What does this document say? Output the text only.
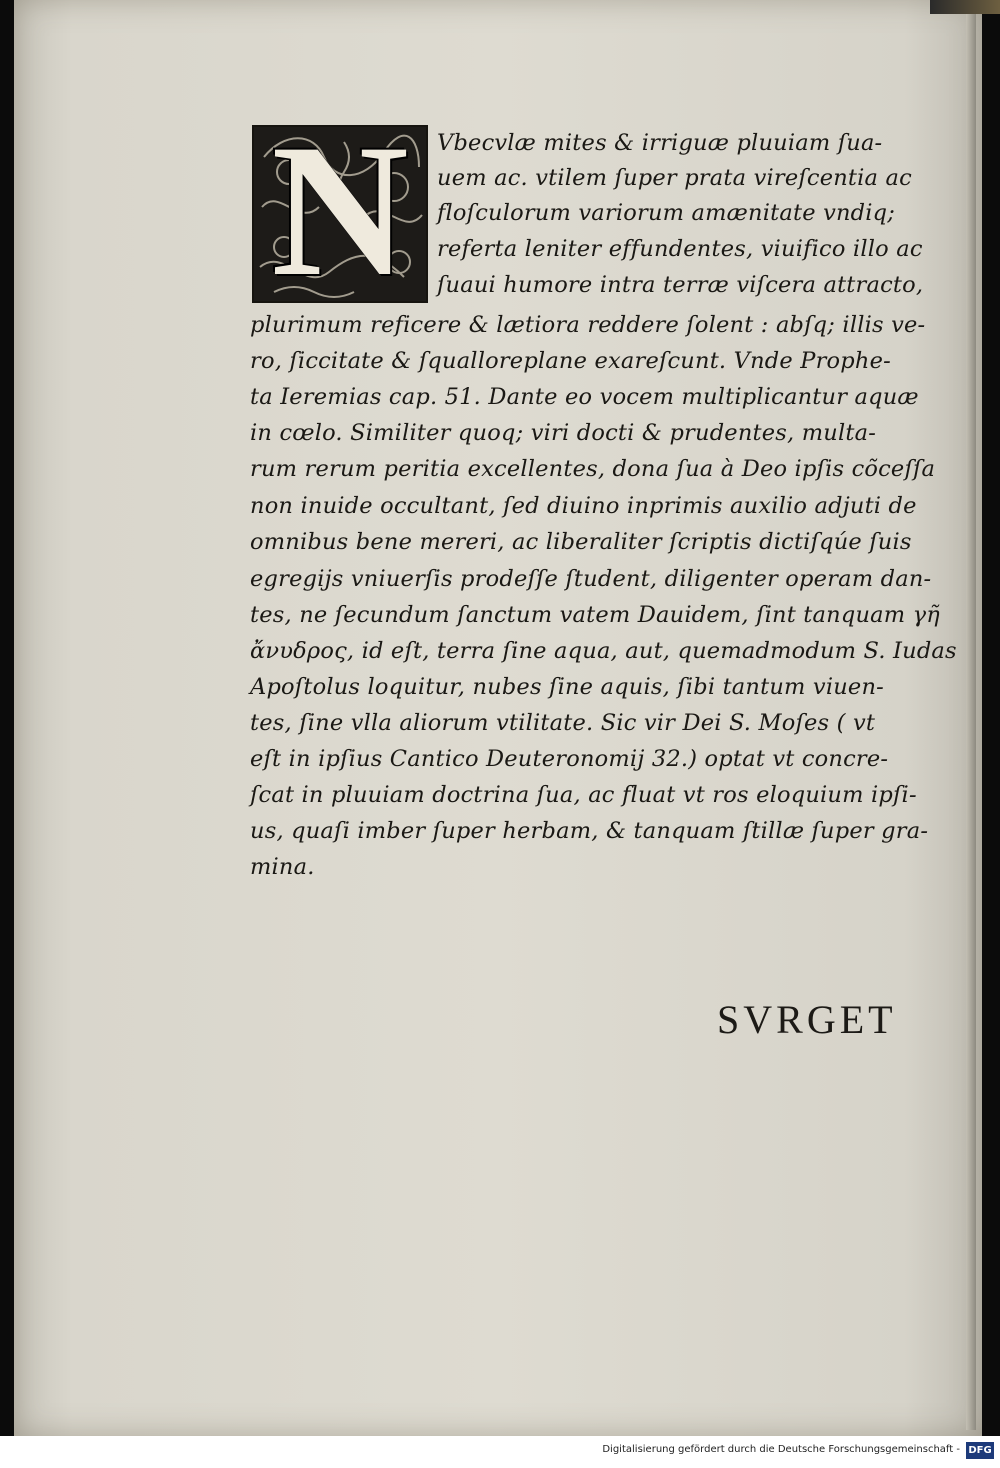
N	Vbecvlæ mites & irriguæ pluuiam ſua-
uem ac. vtilem ſuper prata vireſcentia ac
floſculorum variorum amænitate vndiq;
referta leniter effundentes, viuifico illo ac
ſuaui humore intra terræ viſcera attracto,
plurimum reficere & lætiora reddere ſolent : abſq; illis ve-
ro, ſiccitate & ſqualloreplane exareſcunt. Vnde Prophe-
ta Ieremias cap. 51. Dante eo vocem multiplicantur aquæ
in cœlo. Similiter quoq; viri docti & prudentes, multa-
rum rerum peritia excellentes, dona ſua à Deo ipſis cõceſſa
non inuide occultant, ſed diuino inprimis auxilio adjuti de
omnibus bene mereri, ac liberaliter ſcriptis dictiſqúe ſuis
egregijs vniuerſis prodeſſe ſtudent, diligenter operam dan-
tes, ne ſecundum ſanctum vatem Dauidem, ſint tanquam γῆ
ἄνυδρος, id eſt, terra ſine aqua, aut, quemadmodum S. Iudas
Apoſtolus loquitur, nubes ſine aquis, ſibi tantum viuen-
tes, ſine vlla aliorum vtilitate. Sic vir Dei S. Moſes ( vt
eſt in ipſius Cantico Deuteronomij 32.) optat vt concre-
ſcat in pluuiam doctrina ſua, ac fluat vt ros eloquium ipſi-
us, quaſi imber ſuper herbam, & tanquam ſtillæ ſuper gra-
mina.
SVRGET
Digitalisierung gefördert durch die Deutsche Forschungsgemeinschaft - DFG
